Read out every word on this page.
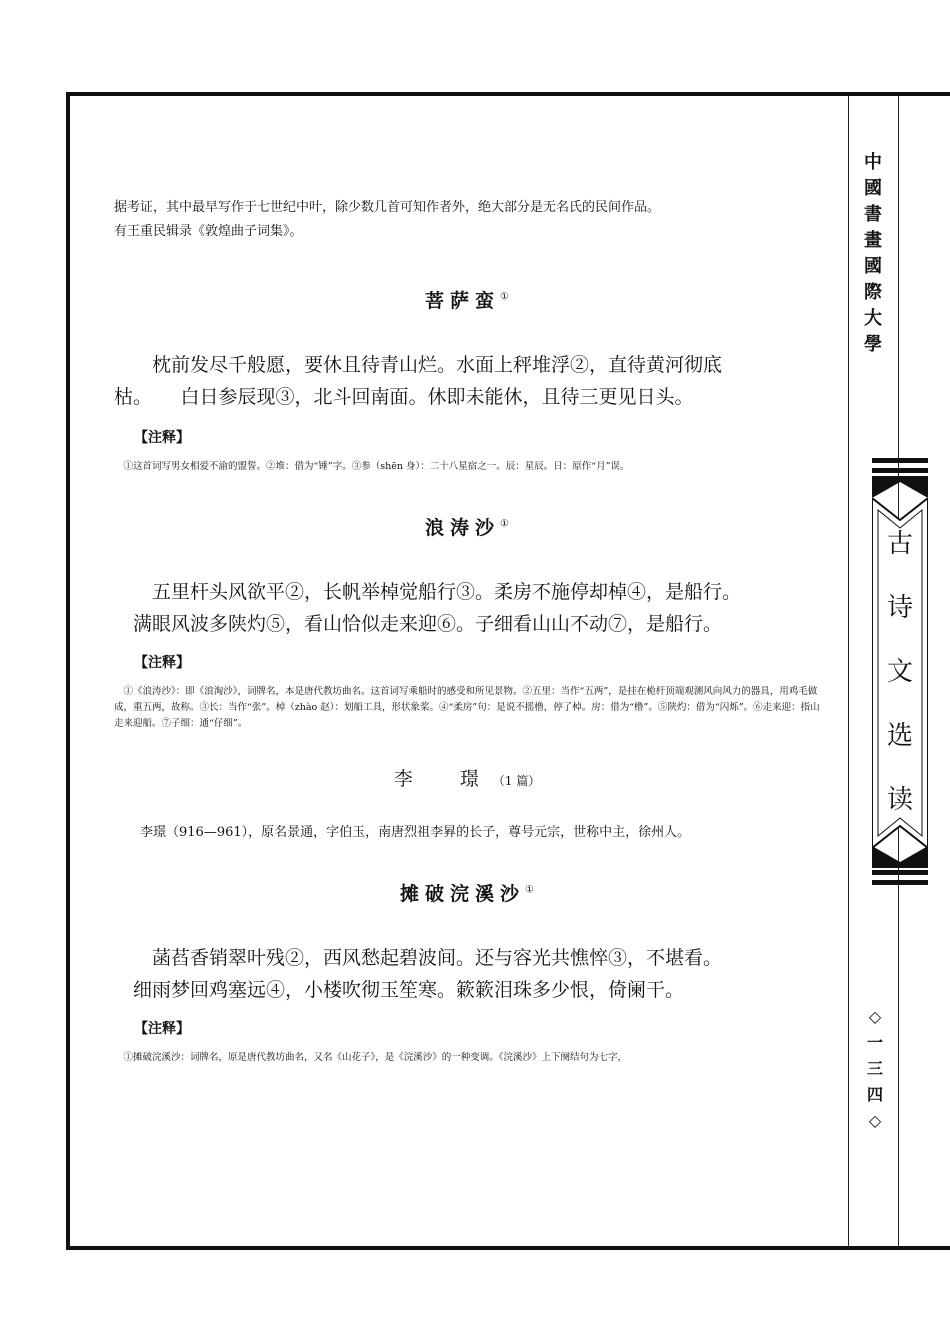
中
國
書
畫
國
際
大
學
古
诗
文
选
读
◇
一
三
四
◇

据考证，其中最早写作于七世纪中叶，除少数几首可知作者外，绝大部分是无名氏的民间作品。

有王重民辑录《敦煌曲子词集》。

菩萨蛮①

枕前发尽千般愿，要休且待青山烂。水面上秤堆浮②，直待黄河彻底

枯。　　白日参辰现③，北斗回南面。休即未能休，且待三更见日头。

【注释】

①这首词写男女相爱不渝的盟誓。②堆：借为“锤”字。③参（shēn 身）：二十八星宿之一。辰：星辰。日：原作“月”误。

浪涛沙①

五里杆头风欲平②，长帆举棹觉船行③。柔房不施停却棹④，是船行。

满眼风波多陕灼⑤，看山恰似走来迎⑥。子细看山山不动⑦，是船行。

【注释】

①《浪涛沙》：即《浪淘沙》，词牌名，本是唐代教坊曲名。这首词写乘船时的感受和所见景物。②五里：当作“五两”，是挂在桅杆顶端观测风向风力的器具，用鸡毛做成，重五两，故称。③长：当作“张”。棹（zhào 赵）：划船工具，形状象桨。④“柔房”句：是说不摇橹，停了棹。房：借为“橹”。⑤陕灼：借为“闪烁”。⑥走来迎：指山走来迎船。⑦子细：通“仔细”。

李　璟（1 篇）

李璟（916—961），原名景通，字伯玉，南唐烈祖李昪的长子，尊号元宗，世称中主，徐州人。

摊破浣溪沙①

菡萏香销翠叶残②，西风愁起碧波间。还与容光共憔悴③，不堪看。

细雨梦回鸡塞远④，小楼吹彻玉笙寒。簌簌泪珠多少恨，倚阑干。

【注释】

①摊破浣溪沙：词牌名，原是唐代教坊曲名，又名《山花子》，是《浣溪沙》的一种变调。《浣溪沙》上下阕结句为七字，
